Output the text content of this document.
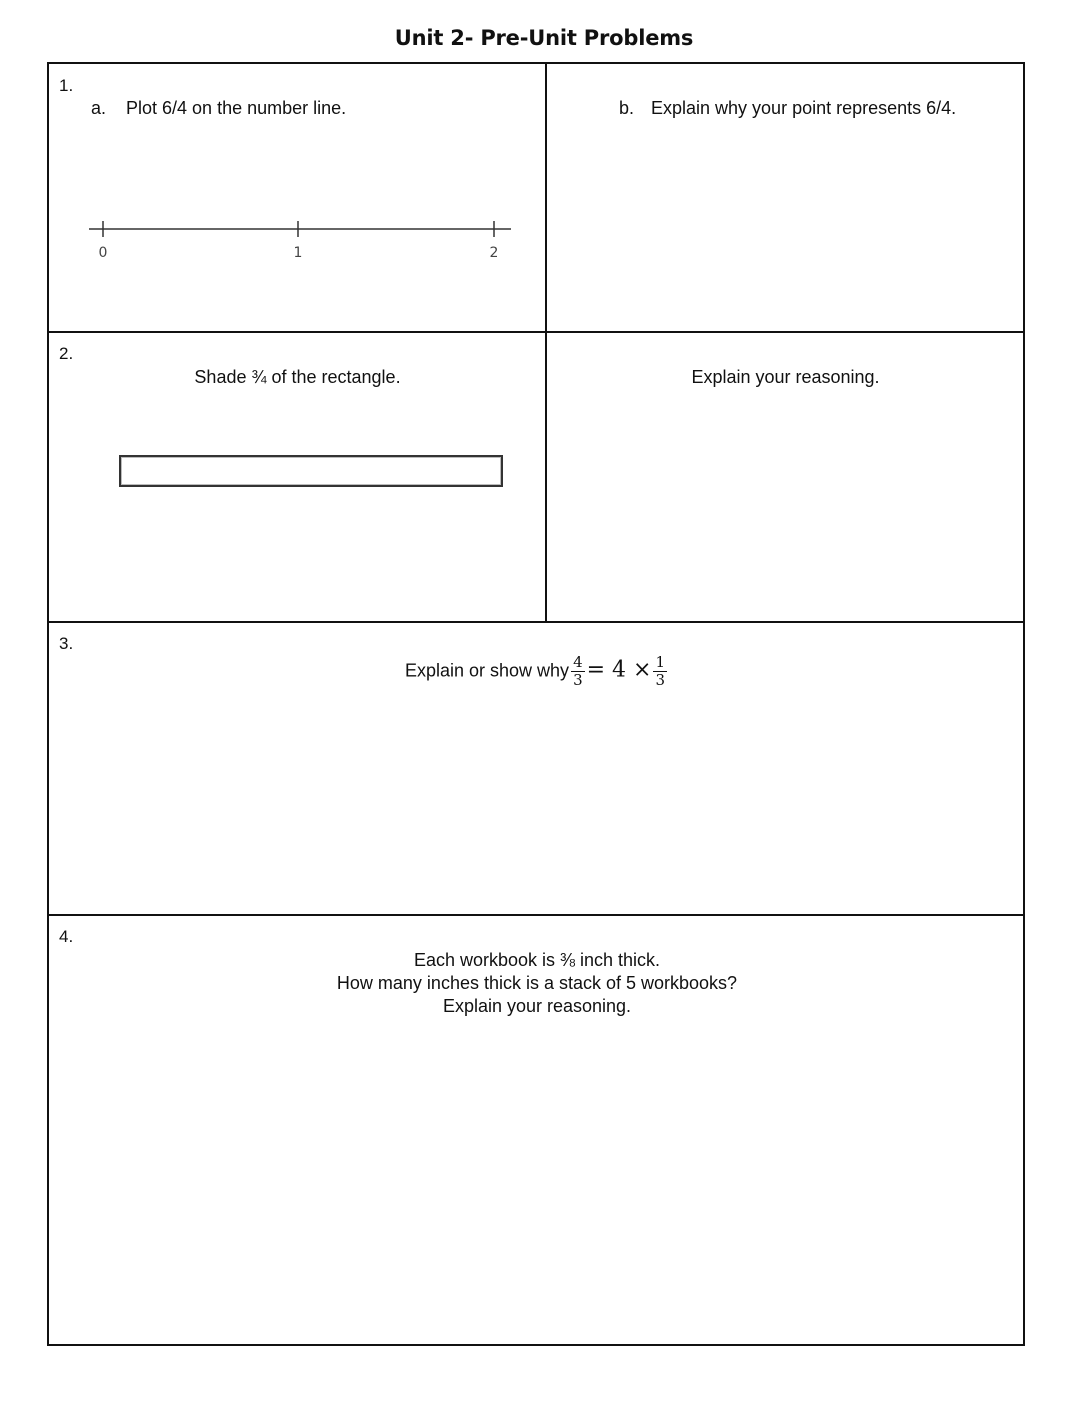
Unit 2- Pre-Unit Problems
1.
a. Plot 6/4 on the number line.
0	1	2
b. Explain why your point represents 6/4.
2.
Shade ¾ of the rectangle.	Explain your reasoning.
3.
Explain or show why $\frac{4}{3} = 4 \times \frac{1}{3}$
4.
Each workbook is ⅜ inch thick.
How many inches thick is a stack of 5 workbooks?
Explain your reasoning.
